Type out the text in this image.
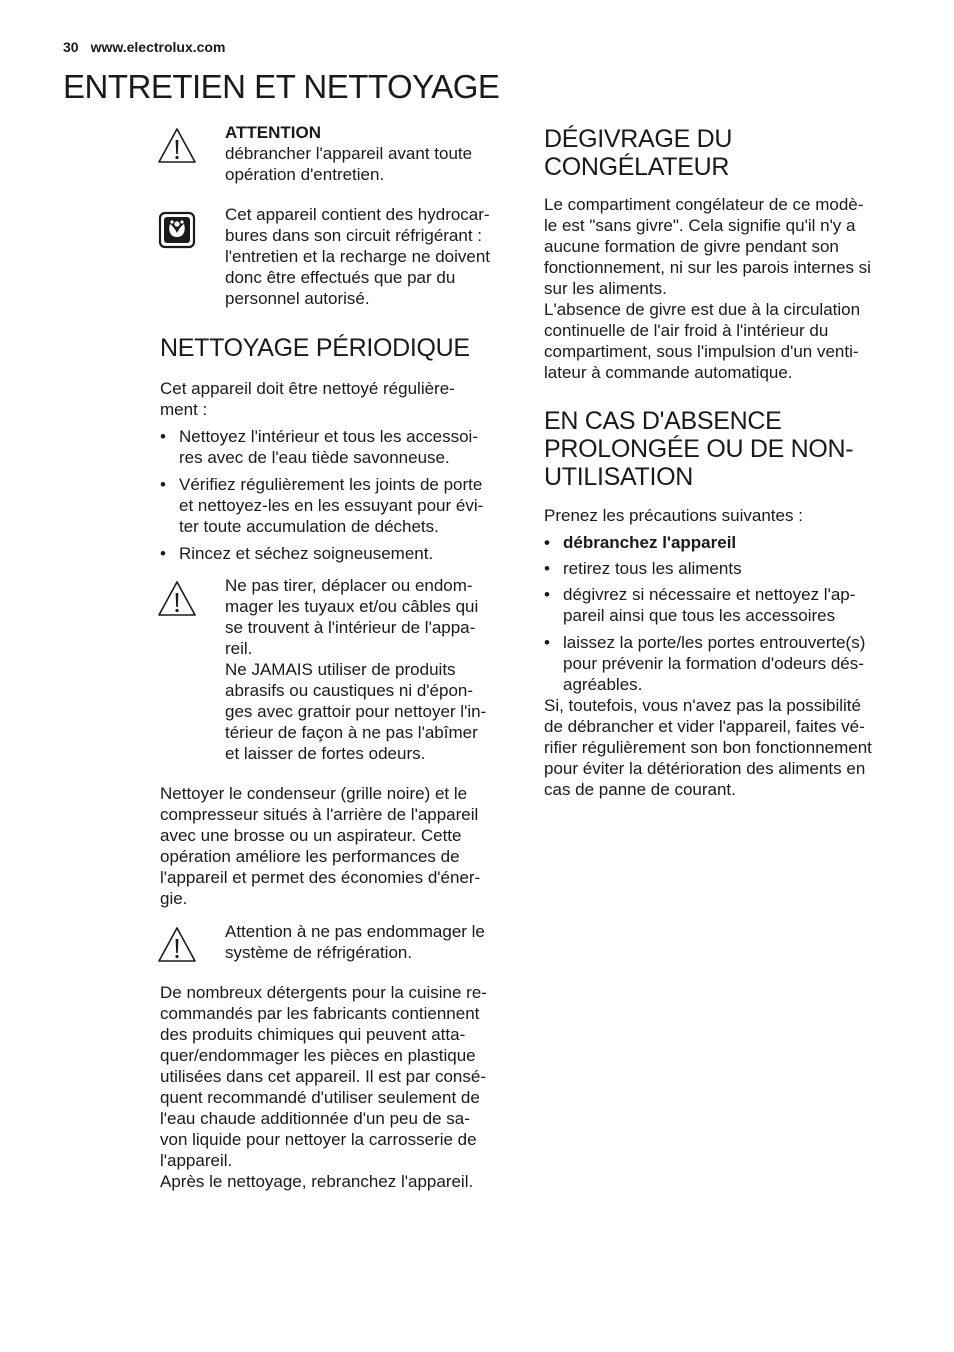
30 www.electrolux.com
ENTRETIEN ET NETTOYAGE

ATTENTION

débrancher l'appareil avant toute
opération d'entretien.

Cet appareil contient des hydrocar-
bures dans son circuit réfrigérant :
l'entretien et la recharge ne doivent
donc être effectués que par du
personnel autorisé.

NETTOYAGE PÉRIODIQUE

Cet appareil doit être nettoyé régulière-
ment :

• Nettoyez l'intérieur et tous les accessoi-
res avec de l'eau tiède savonneuse.
• Vérifiez régulièrement les joints de porte
et nettoyez-les en les essuyant pour évi-
ter toute accumulation de déchets.
• Rincez et séchez soigneusement.

Ne pas tirer, déplacer ou endom-
mager les tuyaux et/ou câbles qui
se trouvent à l'intérieur de l'appa-
reil.
Ne JAMAIS utiliser de produits
abrasifs ou caustiques ni d'épon-
ges avec grattoir pour nettoyer l'in-
térieur de façon à ne pas l'abîmer
et laisser de fortes odeurs.

Nettoyer le condenseur (grille noire) et le
compresseur situés à l'arrière de l'appareil
avec une brosse ou un aspirateur. Cette
opération améliore les performances de
l'appareil et permet des économies d'éner-
gie.

Attention à ne pas endommager le
système de réfrigération.

De nombreux détergents pour la cuisine re-
commandés par les fabricants contiennent
des produits chimiques qui peuvent atta-
quer/endommager les pièces en plastique
utilisées dans cet appareil. Il est par consé-
quent recommandé d'utiliser seulement de
l'eau chaude additionnée d'un peu de sa-
von liquide pour nettoyer la carrosserie de
l'appareil.
Après le nettoyage, rebranchez l'appareil.

DÉGIVRAGE DU
CONGÉLATEUR

Le compartiment congélateur de ce modè-
le est "sans givre". Cela signifie qu'il n'y a
aucune formation de givre pendant son
fonctionnement, ni sur les parois internes si
sur les aliments.
L'absence de givre est due à la circulation
continuelle de l'air froid à l'intérieur du
compartiment, sous l'impulsion d'un venti-
lateur à commande automatique.

EN CAS D'ABSENCE
PROLONGÉE OU DE NON-
UTILISATION

Prenez les précautions suivantes :

• débranchez l'appareil
• retirez tous les aliments
• dégivrez si nécessaire et nettoyez l'ap-
pareil ainsi que tous les accessoires
• laissez la porte/les portes entrouverte(s)
pour prévenir la formation d'odeurs dés-
agréables.

Si, toutefois, vous n'avez pas la possibilité
de débrancher et vider l'appareil, faites vé-
rifier régulièrement son bon fonctionnement
pour éviter la détérioration des aliments en
cas de panne de courant.
